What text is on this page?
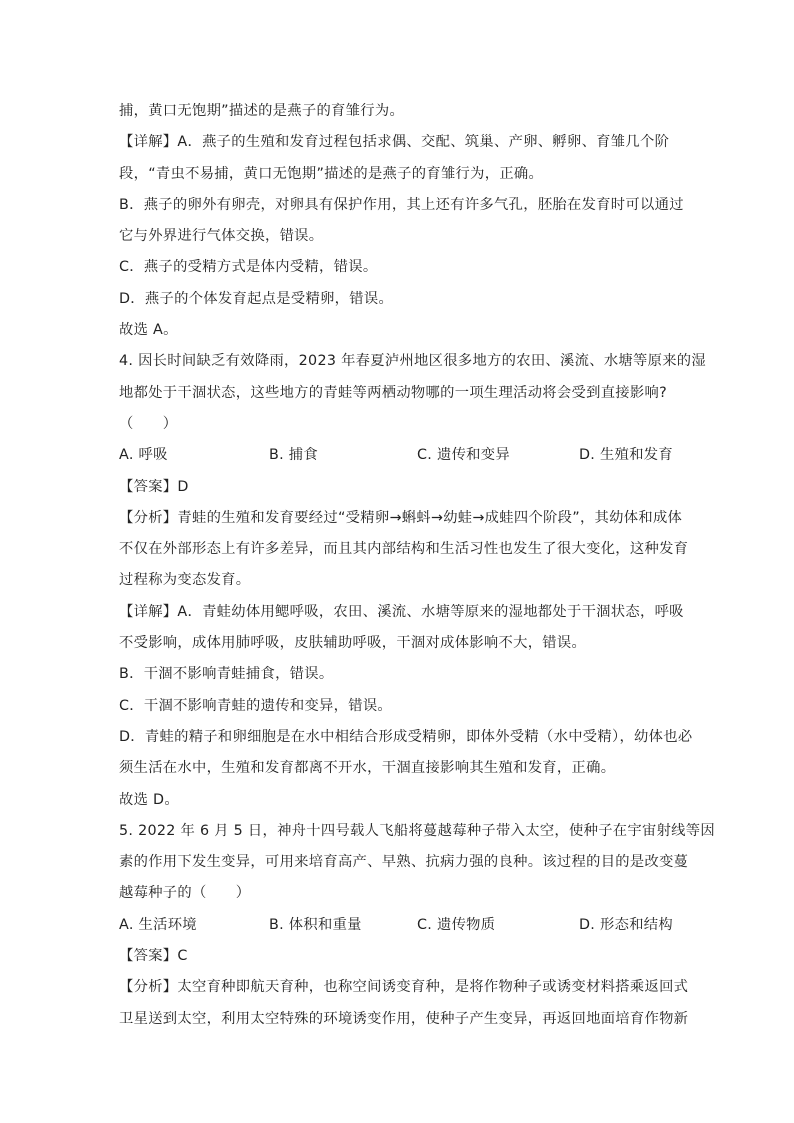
捕，黄口无饱期”描述的是燕子的育雏行为。
【详解】A．燕子的生殖和发育过程包括求偶、交配、筑巢、产卵、孵卵、育雏几个阶
段，“青虫不易捕，黄口无饱期”描述的是燕子的育雏行为，正确。
B．燕子的卵外有卵壳，对卵具有保护作用，其上还有许多气孔，胚胎在发育时可以通过
它与外界进行气体交换，错误。
C．燕子的受精方式是体内受精，错误。
D．燕子的个体发育起点是受精卵，错误。
故选 A。
4. 因长时间缺乏有效降雨，2023 年春夏泸州地区很多地方的农田、溪流、水塘等原来的湿
地都处于干涸状态，这些地方的青蛙等两栖动物哪的一项生理活动将会受到直接影响?
（　　）
A. 呼吸	B. 捕食	C. 遗传和变异	D. 生殖和发育
【答案】D
【分析】青蛙的生殖和发育要经过“受精卵→蝌蚪→幼蛙→成蛙四个阶段”，其幼体和成体
不仅在外部形态上有许多差异，而且其内部结构和生活习性也发生了很大变化，这种发育
过程称为变态发育。
【详解】A．青蛙幼体用鳃呼吸，农田、溪流、水塘等原来的湿地都处于干涸状态，呼吸
不受影响，成体用肺呼吸，皮肤辅助呼吸，干涸对成体影响不大，错误。
B．干涸不影响青蛙捕食，错误。
C．干涸不影响青蛙的遗传和变异，错误。
D．青蛙的精子和卵细胞是在水中相结合形成受精卵，即体外受精（水中受精），幼体也必
须生活在水中，生殖和发育都离不开水，干涸直接影响其生殖和发育，正确。
故选 D。
5. 2022 年 6 月 5 日，神舟十四号载人飞船将蔓越莓种子带入太空，使种子在宇宙射线等因
素的作用下发生变异，可用来培育高产、早熟、抗病力强的良种。该过程的目的是改变蔓
越莓种子的（　　）
A. 生活环境	B. 体积和重量	C. 遗传物质	D. 形态和结构
【答案】C
【分析】太空育种即航天育种，也称空间诱变育种，是将作物种子或诱变材料搭乘返回式
卫星送到太空，利用太空特殊的环境诱变作用，使种子产生变异，再返回地面培育作物新
